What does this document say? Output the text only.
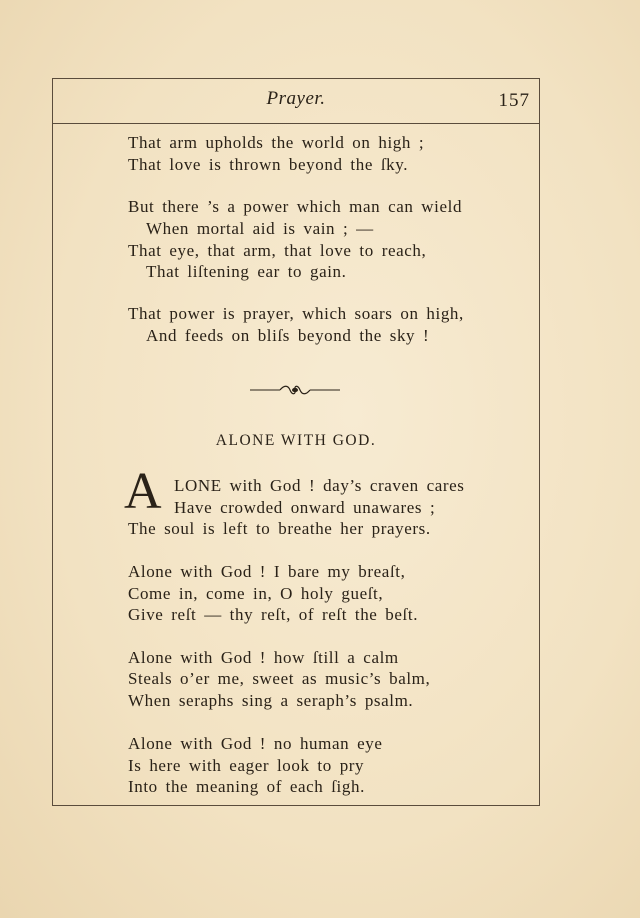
Prayer.	157
That arm upholds the world on high ;
That love is thrown beyond the ſky.
But there ’s a power which man can wield
When mortal aid is vain ; —
That eye, that arm, that love to reach,
That liſtening ear to gain.
That power is prayer, which soars on high,
And feeds on bliſs beyond the sky !
ALONE WITH GOD.
A LONE with God ! day’s craven cares
Have crowded onward unawares ;
The soul is left to breathe her prayers.
Alone with God ! I bare my breaſt,
Come in, come in, O holy gueſt,
Give reſt — thy reſt, of reſt the beſt.
Alone with God ! how ſtill a calm
Steals o’er me, sweet as music’s balm,
When seraphs sing a seraph’s psalm.
Alone with God ! no human eye
Is here with eager look to pry
Into the meaning of each ſigh.
